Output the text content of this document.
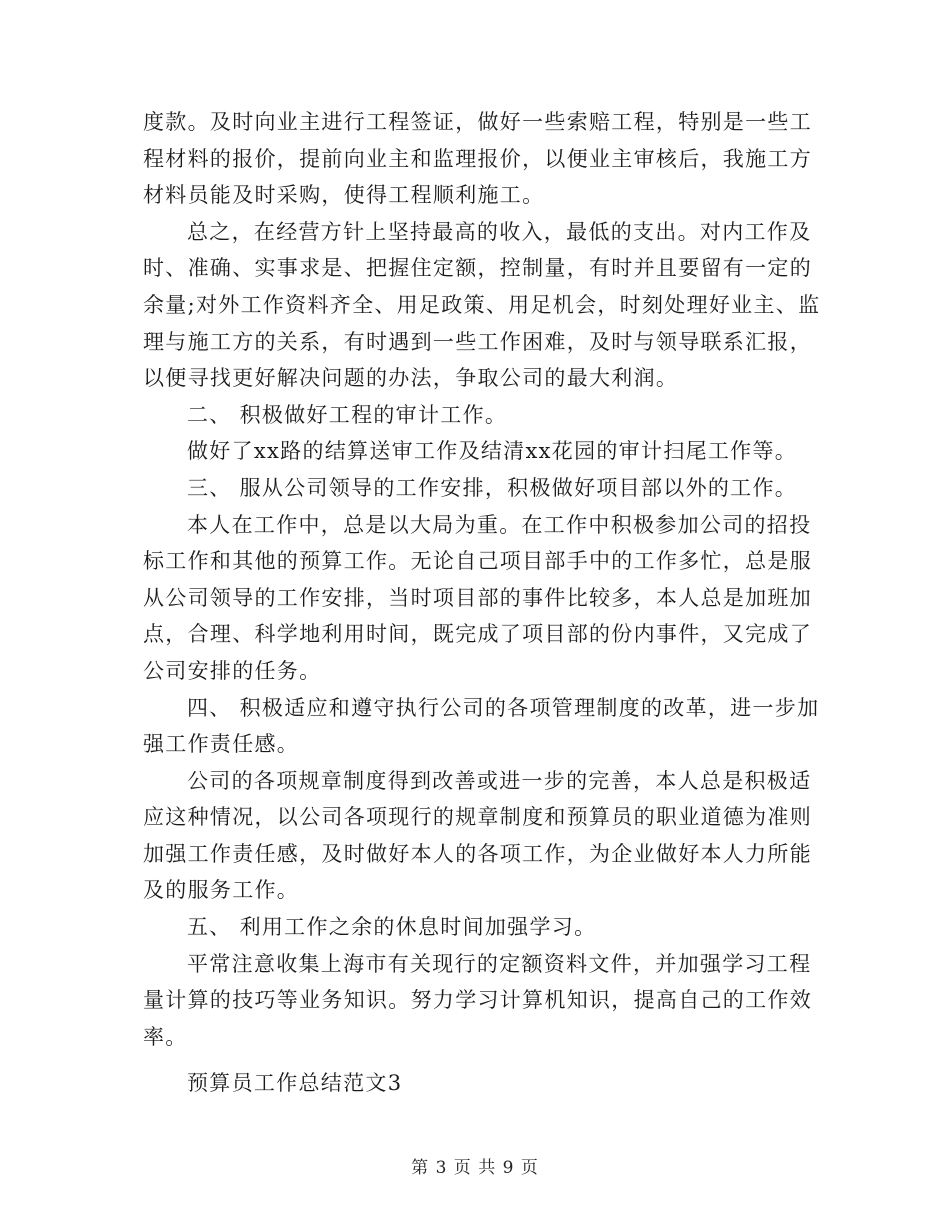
度款。及时向业主进行工程签证，做好一些索赔工程，特别是一些工
程材料的报价，提前向业主和监理报价，以便业主审核后，我施工方
材料员能及时采购，使得工程顺利施工。
总之，在经营方针上坚持最高的收入，最低的支出。对内工作及
时、准确、实事求是、把握住定额，控制量，有时并且要留有一定的
余量;对外工作资料齐全、用足政策、用足机会，时刻处理好业主、监
理与施工方的关系，有时遇到一些工作困难，及时与领导联系汇报，
以便寻找更好解决问题的办法，争取公司的最大利润。
二、 积极做好工程的审计工作。
做好了xx路的结算送审工作及结清xx花园的审计扫尾工作等。
三、 服从公司领导的工作安排，积极做好项目部以外的工作。
本人在工作中，总是以大局为重。在工作中积极参加公司的招投
标工作和其他的预算工作。无论自己项目部手中的工作多忙，总是服
从公司领导的工作安排，当时项目部的事件比较多，本人总是加班加
点，合理、科学地利用时间，既完成了项目部的份内事件，又完成了
公司安排的任务。
四、 积极适应和遵守执行公司的各项管理制度的改革，进一步加
强工作责任感。
公司的各项规章制度得到改善或进一步的完善，本人总是积极适
应这种情况，以公司各项现行的规章制度和预算员的职业道德为准则
加强工作责任感，及时做好本人的各项工作，为企业做好本人力所能
及的服务工作。
五、 利用工作之余的休息时间加强学习。
平常注意收集上海市有关现行的定额资料文件，并加强学习工程
量计算的技巧等业务知识。努力学习计算机知识，提高自己的工作效
率。
预算员工作总结范文3
第 3 页 共 9 页
